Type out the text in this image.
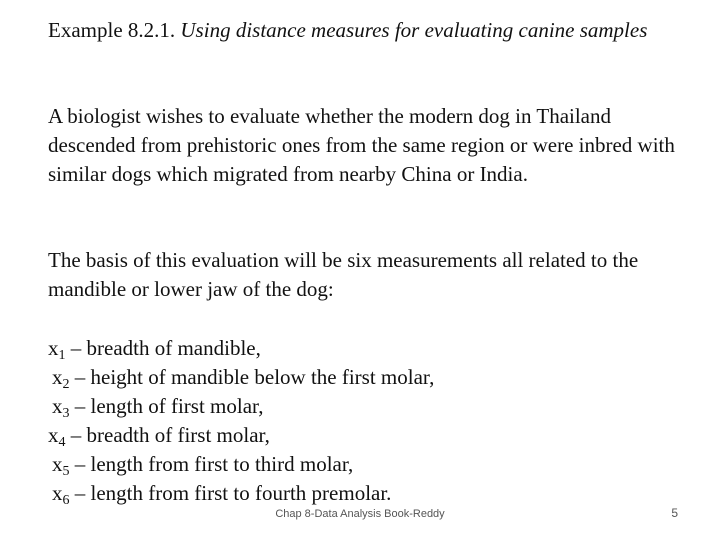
Example 8.2.1. Using distance measures for evaluating canine samples
A biologist wishes to evaluate whether the modern dog in Thailand descended from prehistoric ones from the same region or were inbred with similar dogs which migrated from nearby China or India.
The basis of this evaluation will be six measurements all related to the mandible or lower jaw of the dog:
$x_1$ – breadth of mandible,
$x_2$ – height of mandible below the first molar,
$x_3$ – length of first molar,
$x_4$ – breadth of first molar,
$x_5$ – length from first to third molar,
$x_6$ – length from first to fourth premolar.
Chap 8-Data Analysis Book-Reddy	5
